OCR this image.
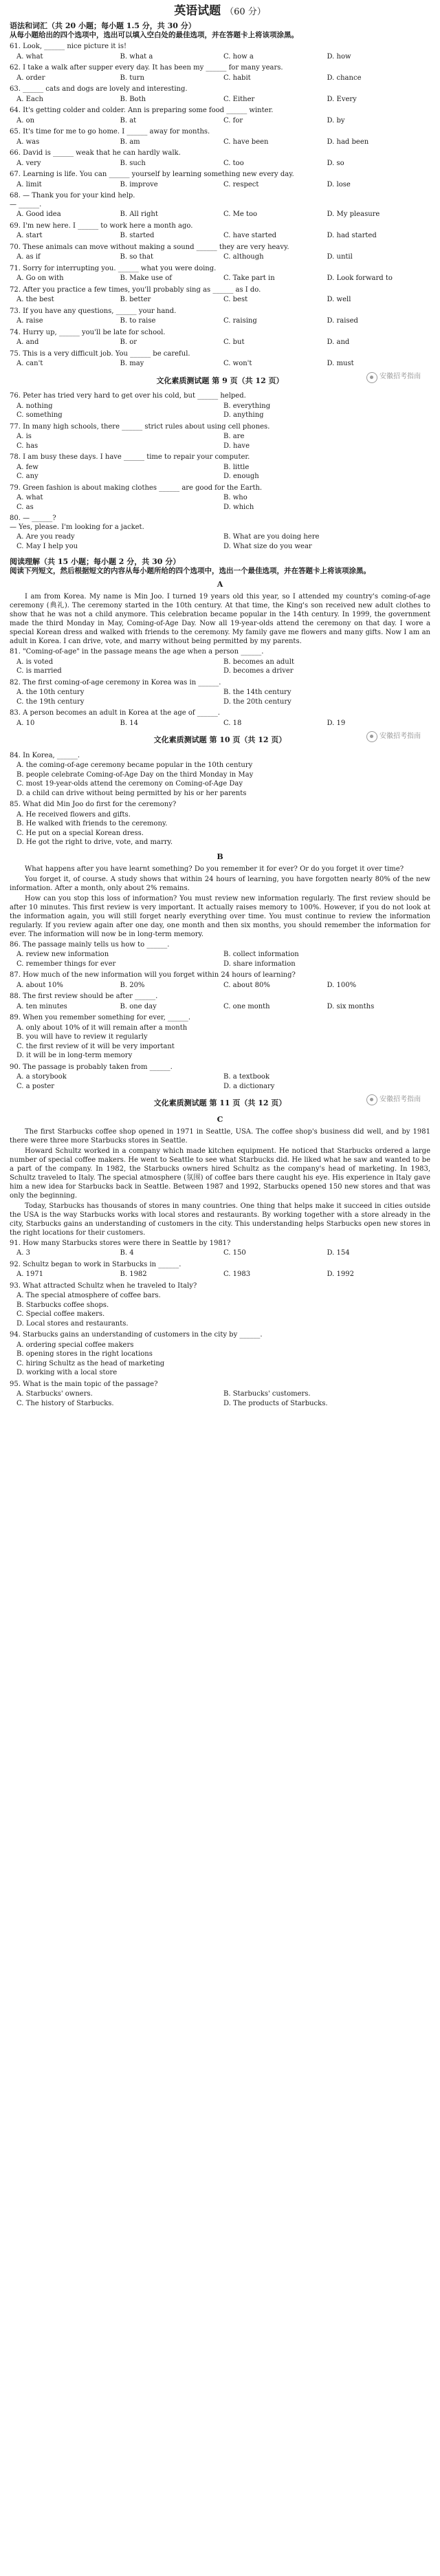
英语试题 （60 分）
语法和词汇（共 20 小题；每小题 1.5 分，共 30 分）
从每小题给出的四个选项中，选出可以填入空白处的最佳选项，并在答题卡上将该项涂黑。
61. Look, ______ nice picture it is!
A. what	B. what a	C. how a	D. how
62. I take a walk after supper every day. It has been my ______ for many years.
A. order	B. turn	C. habit	D. chance
63. ______ cats and dogs are lovely and interesting.
A. Each	B. Both	C. Either	D. Every
64. It's getting colder and colder. Ann is preparing some food ______ winter.
A. on	B. at	C. for	D. by
65. It's time for me to go home. I ______ away for months.
A. was	B. am	C. have been	D. had been
66. David is ______ weak that he can hardly walk.
A. very	B. such	C. too	D. so
67. Learning is life. You can ______ yourself by learning something new every day.
A. limit	B. improve	C. respect	D. lose
68. — Thank you for your kind help.
— ______.
A. Good idea	B. All right	C. Me too	D. My pleasure
69. I'm new here. I ______ to work here a month ago.
A. start	B. started	C. have started	D. had started
70. These animals can move without making a sound ______ they are very heavy.
A. as if	B. so that	C. although	D. until
71. Sorry for interrupting you. ______ what you were doing.
A. Go on with	B. Make use of	C. Take part in	D. Look forward to
72. After you practice a few times, you'll probably sing as ______ as I do.
A. the best	B. better	C. best	D. well
73. If you have any questions, ______ your hand.
A. raise	B. to raise	C. raising	D. raised
74. Hurry up, ______ you'll be late for school.
A. and	B. or	C. but	D. and
75. This is a very difficult job. You ______ be careful.
A. can't	B. may	C. won't	D. must
文化素质测试题 第 9 页（共 12 页）	安徽招考指南
76. Peter has tried very hard to get over his cold, but ______ helped.
A. nothing	B. everything
C. something	D. anything
77. In many high schools, there ______ strict rules about using cell phones.
A. is	B. are
C. has	D. have
78. I am busy these days. I have ______ time to repair your computer.
A. few	B. little
C. any	D. enough
79. Green fashion is about making clothes ______ are good for the Earth.
A. what	B. who
C. as	D. which
80. — ______?
— Yes, please. I'm looking for a jacket.
A. Are you ready	B. What are you doing here
C. May I help you	D. What size do you wear
阅读理解（共 15 小题；每小题 2 分，共 30 分）
阅读下列短文，然后根据短文的内容从每小题所给的四个选项中，选出一个最佳选项，并在答题卡上将该项涂黑。
A
I am from Korea. My name is Min Joo. I turned 19 years old this year, so I attended my country's coming-of-age ceremony (典礼). The ceremony started in the 10th century. At that time, the King's son received new adult clothes to show that he was not a child anymore. This celebration became popular in the 14th century. In 1999, the government made the third Monday in May, Coming-of-Age Day. Now all 19-year-olds attend the ceremony on that day. I wore a special Korean dress and walked with friends to the ceremony. My family gave me flowers and many gifts. Now I am an adult in Korea. I can drive, vote, and marry without being permitted by my parents.
81. "Coming-of-age" in the passage means the age when a person ______.
A. is voted	B. becomes an adult
C. is married	D. becomes a driver
82. The first coming-of-age ceremony in Korea was in ______.
A. the 10th century	B. the 14th century
C. the 19th century	D. the 20th century
83. A person becomes an adult in Korea at the age of ______.
A. 10	B. 14	C. 18	D. 19
文化素质测试题 第 10 页（共 12 页）	安徽招考指南
84. In Korea, ______.
A. the coming-of-age ceremony became popular in the 10th century
B. people celebrate Coming-of-Age Day on the third Monday in May
C. most 19-year-olds attend the ceremony on Coming-of-Age Day
D. a child can drive without being permitted by his or her parents
85. What did Min Joo do first for the ceremony?
A. He received flowers and gifts.
B. He walked with friends to the ceremony.
C. He put on a special Korean dress.
D. He got the right to drive, vote, and marry.
B
What happens after you have learnt something? Do you remember it for ever? Or do you forget it over time?
You forget it, of course. A study shows that within 24 hours of learning, you have forgotten nearly 80% of the new information. After a month, only about 2% remains.
How can you stop this loss of information? You must review new information regularly. The first review should be after 10 minutes. This first review is very important. It actually raises memory to 100%. However, if you do not look at the information again, you will still forget nearly everything over time. You must continue to review the information regularly. If you review again after one day, one month and then six months, you should remember the information for ever. The information will now be in long-term memory.
86. The passage mainly tells us how to ______.
A. review new information	B. collect information
C. remember things for ever	D. share information
87. How much of the new information will you forget within 24 hours of learning?
A. about 10%	B. 20%	C. about 80%	D. 100%
88. The first review should be after ______.
A. ten minutes	B. one day	C. one month	D. six months
89. When you remember something for ever, ______.
A. only about 10% of it will remain after a month
B. you will have to review it regularly
C. the first review of it will be very important
D. it will be in long-term memory
90. The passage is probably taken from ______.
A. a storybook	B. a textbook
C. a poster	D. a dictionary
文化素质测试题 第 11 页（共 12 页）	安徽招考指南
C
The first Starbucks coffee shop opened in 1971 in Seattle, USA. The coffee shop's business did well, and by 1981 there were three more Starbucks stores in Seattle.
Howard Schultz worked in a company which made kitchen equipment. He noticed that Starbucks ordered a large number of special coffee makers. He went to Seattle to see what Starbucks did. He liked what he saw and wanted to be a part of the company. In 1982, the Starbucks owners hired Schultz as the company's head of marketing. In 1983, Schultz traveled to Italy. The special atmosphere (氛围) of coffee bars there caught his eye. His experience in Italy gave him a new idea for Starbucks back in Seattle. Between 1987 and 1992, Starbucks opened 150 new stores and that was only the beginning.
Today, Starbucks has thousands of stores in many countries. One thing that helps make it succeed in cities outside the USA is the way Starbucks works with local stores and restaurants. By working together with a store already in the city, Starbucks gains an understanding of customers in the city. This understanding helps Starbucks open new stores in the right locations for their customers.
91. How many Starbucks stores were there in Seattle by 1981?
A. 3	B. 4	C. 150	D. 154
92. Schultz began to work in Starbucks in ______.
A. 1971	B. 1982	C. 1983	D. 1992
93. What attracted Schultz when he traveled to Italy?
A. The special atmosphere of coffee bars.
B. Starbucks coffee shops.
C. Special coffee makers.
D. Local stores and restaurants.
94. Starbucks gains an understanding of customers in the city by ______.
A. ordering special coffee makers
B. opening stores in the right locations
C. hiring Schultz as the head of marketing
D. working with a local store
95. What is the main topic of the passage?
A. Starbucks' owners.	B. Starbucks' customers.
C. The history of Starbucks.	D. The products of Starbucks.
